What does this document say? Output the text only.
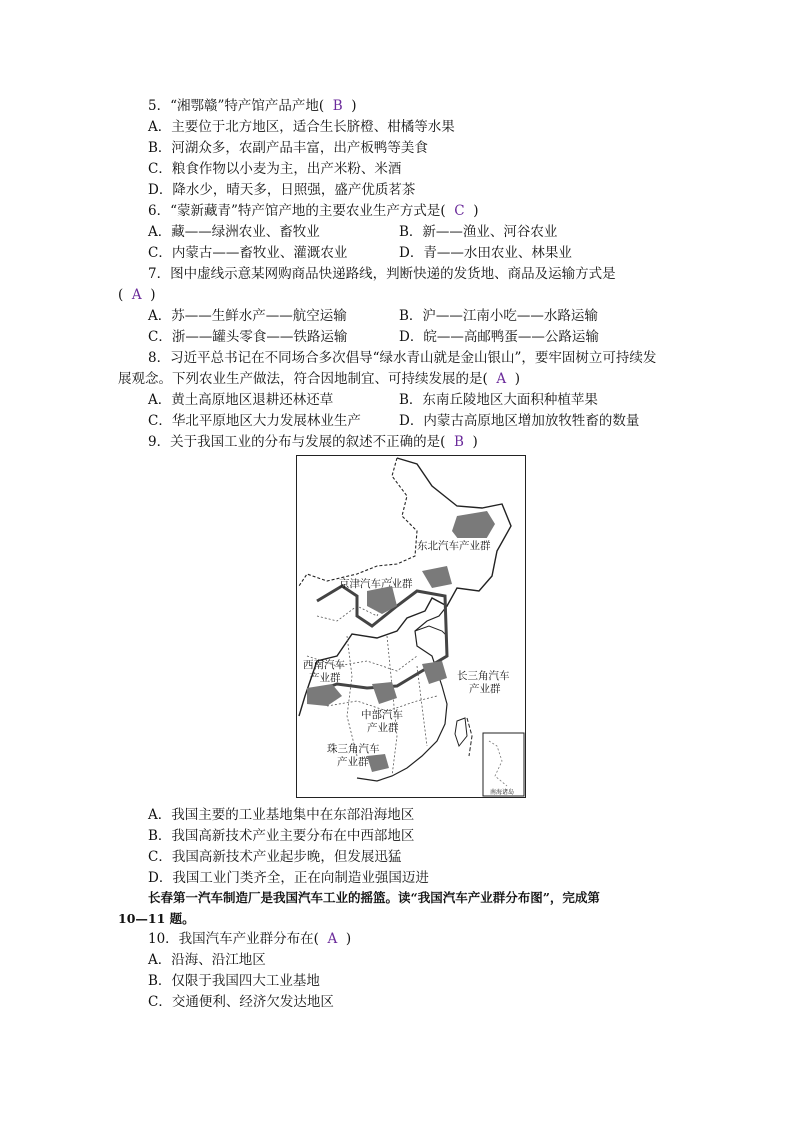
5．“湘鄂赣”特产馆产品产地( B )
A．主要位于北方地区，适合生长脐橙、柑橘等水果
B．河湖众多，农副产品丰富，出产板鸭等美食
C．粮食作物以小麦为主，出产米粉、米酒
D．降水少，晴天多，日照强，盛产优质茗茶
6．“蒙新藏青”特产馆产地的主要农业生产方式是( C )
A．藏——绿洲农业、畜牧业	B．新——渔业、河谷农业
C．内蒙古——畜牧业、灌溉农业	D．青——水田农业、林果业
7．图中虚线示意某网购商品快递路线，判断快递的发货地、商品及运输方式是
( A )
A．苏——生鲜水产——航空运输	B．沪——江南小吃——水路运输
C．浙——罐头零食——铁路运输	D．皖——高邮鸭蛋——公路运输
8．习近平总书记在不同场合多次倡导“绿水青山就是金山银山”，要牢固树立可持续发
展观念。下列农业生产做法，符合因地制宜、可持续发展的是( A )
A．黄土高原地区退耕还林还草	B．东南丘陵地区大面积种植苹果
C．华北平原地区大力发展林业生产	D．内蒙古高原地区增加放牧牲畜的数量
9．关于我国工业的分布与发展的叙述不正确的是( B )
东北汽车产业群
京津汽车产业群
西南汽车
产业群	长三角汽车
产业群
中部汽车
产业群
珠三角汽车
产业群
南海诸岛
A．我国主要的工业基地集中在东部沿海地区
B．我国高新技术产业主要分布在中西部地区
C．我国高新技术产业起步晚，但发展迅猛
D．我国工业门类齐全，正在向制造业强国迈进
长春第一汽车制造厂是我国汽车工业的摇篮。读“我国汽车产业群分布图”，完成第
10—11 题。
10．我国汽车产业群分布在( A )
A．沿海、沿江地区
B．仅限于我国四大工业基地
C．交通便利、经济欠发达地区
